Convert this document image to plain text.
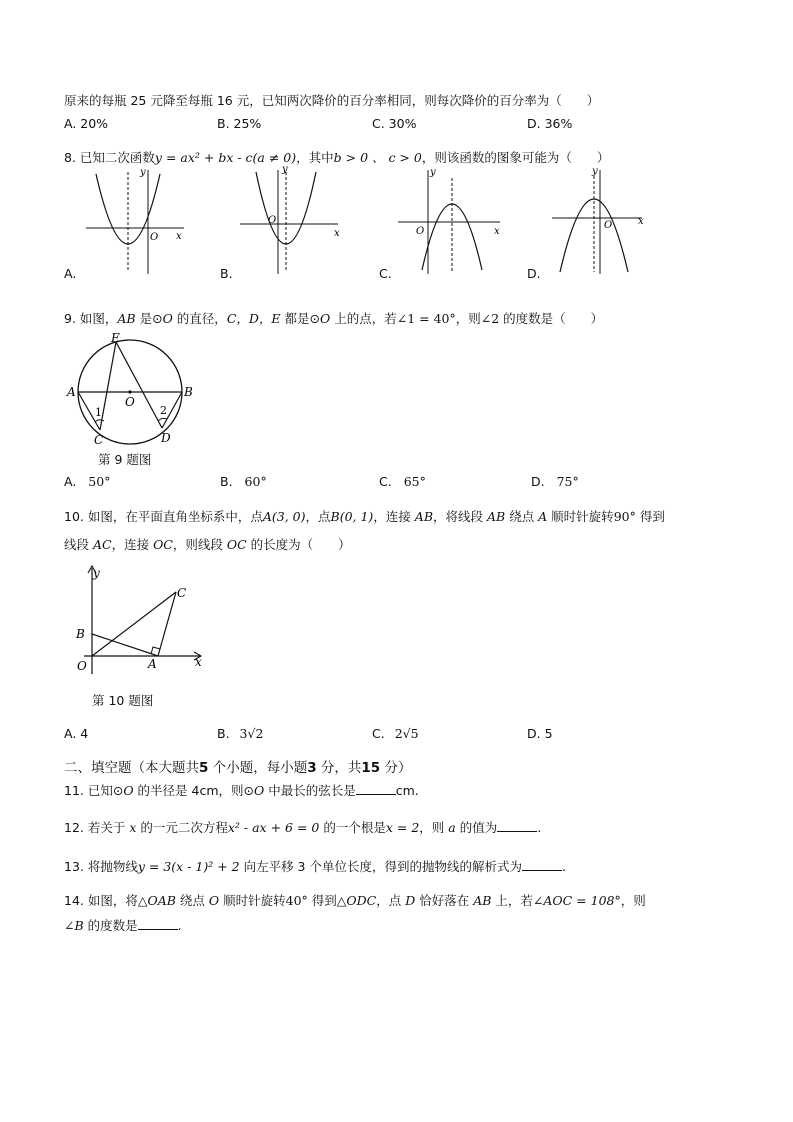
原来的每瓶 25 元降至每瓶 16 元，已知两次降价的百分率相同，则每次降价的百分率为（　　）
A. 20%	B. 25%	C. 30%	D. 36%
8. 已知二次函数y = ax² + bx - c(a ≠ 0)，其中b > 0 、 c > 0，则该函数的图象可能为（　　）
O x
y
A.
O
x
y
B.
O	x
y
C.
O	x
y
D.
9. 如图，AB 是⊙O 的直径，C，D，E 都是⊙O 上的点，若∠1 = 40°，则∠2 的度数是（　　）
E
A	B
O
C	D
1	2
第 9 题图
A. 50°	B. 60°	C. 65°	D. 75°
10. 如图，在平面直角坐标系中，点A(3, 0)，点B(0, 1)，连接 AB，将线段 AB 绕点 A 顺时针旋转90° 得到
线段 AC，连接 OC，则线段 OC 的长度为（　　）
y
x
O
B
A
C
第 10 题图
A. 4	B. 3√2	C. 2√5	D. 5
二、填空题（本大题共5 个小题，每小题3 分，共15 分）
11. 已知⊙O 的半径是 4cm，则⊙O 中最长的弦长是	cm.
12. 若关于 x 的一元二次方程x² - ax + 6 = 0 的一个根是x = 2，则 a 的值为	.
13. 将抛物线y = 3(x - 1)² + 2 向左平移 3 个单位长度，得到的抛物线的解析式为	.
14. 如图，将△OAB 绕点 O 顺时针旋转40° 得到△ODC，点 D 恰好落在 AB 上，若∠AOC = 108°，则
∠B 的度数是	.
